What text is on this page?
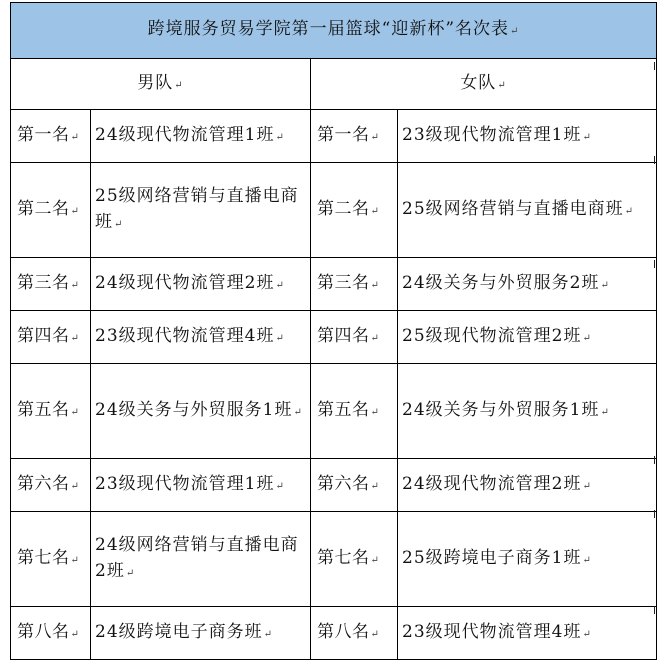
跨境服务贸易学院第一届篮球“迎新杯”名次表↵			
男队↵		女队↵	
第一名↵	24级现代物流管理1班↵	第一名↵	23级现代物流管理1班↵
第二名↵	25级网络营销与直播电商班↵	第二名↵	25级网络营销与直播电商班↵
第三名↵	24级现代物流管理2班↵	第三名↵	24级关务与外贸服务2班↵
第四名↵	23级现代物流管理4班↵	第四名↵	25级现代物流管理2班↵
第五名↵	24级关务与外贸服务1班↵	第五名↵	24级关务与外贸服务1班↵
第六名↵	23级现代物流管理1班↵	第六名↵	24级现代物流管理2班↵
第七名↵	24级网络营销与直播电商2班↵	第七名↵	25级跨境电子商务1班↵
第八名↵	24级跨境电子商务班↵	第八名↵	23级现代物流管理4班↵
